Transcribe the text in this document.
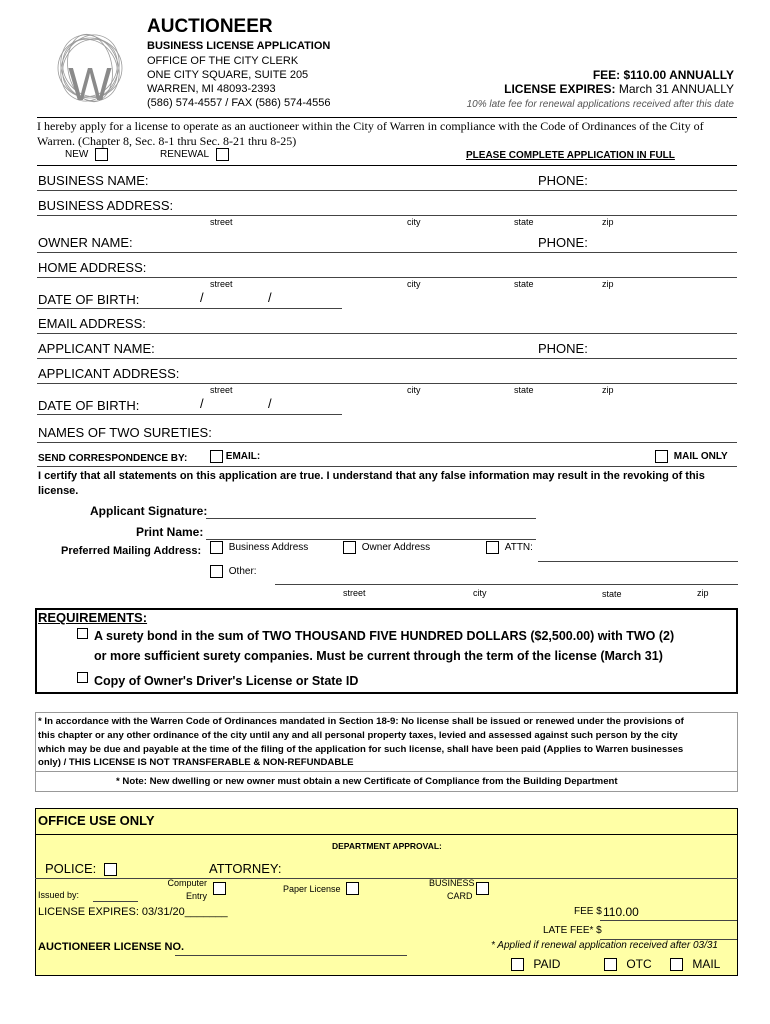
W
AUCTIONEER
BUSINESS LICENSE APPLICATION
OFFICE OF THE CITY CLERK
ONE CITY SQUARE, SUITE 205
WARREN, MI 48093-2393
(586) 574-4557 / FAX (586) 574-4556
FEE: $110.00 ANNUALLY
LICENSE EXPIRES: March 31 ANNUALLY
10% late fee for renewal applications received after this date
I hereby apply for a license to operate as an auctioneer within the City of Warren in compliance with the Code of Ordinances of the City of
Warren. (Chapter 8, Sec. 8-1 thru Sec. 8-21 thru 8-25)
NEW	RENEWAL	PLEASE COMPLETE APPLICATION IN FULL
BUSINESS NAME:	PHONE:
BUSINESS ADDRESS:
street	city	state	zip
OWNER NAME:	PHONE:
HOME ADDRESS:
street	city	state	zip
DATE OF BIRTH:	/	/
EMAIL ADDRESS:
APPLICANT NAME:	PHONE:
APPLICANT ADDRESS:
street	city	state	zip
DATE OF BIRTH:	/	/
NAMES OF TWO SURETIES:
SEND CORRESPONDENCE BY:	EMAIL:	MAIL ONLY
I certify that all statements on this application are true. I understand that any false information may result in the revoking of this
license.
Applicant Signature:
Print Name:
Preferred Mailing Address:	Business Address	Owner Address	ATTN:
Other:
street	city	state	zip
REQUIREMENTS:
A surety bond in the sum of TWO THOUSAND FIVE HUNDRED DOLLARS ($2,500.00) with TWO (2)
or more sufficient surety companies. Must be current through the term of the license (March 31)
Copy of Owner's Driver's License or State ID
* In accordance with the Warren Code of Ordinances mandated in Section 18-9: No license shall be issued or renewed under the provisions of
this chapter or any other ordinance of the city until any and all personal property taxes, levied and assessed against such person by the city
which may be due and payable at the time of the filing of the application for such license, shall have been paid (Applies to Warren businesses
only) / THIS LICENSE IS NOT TRANSFERABLE & NON-REFUNDABLE
* Note: New dwelling or new owner must obtain a new Certificate of Compliance from the Building Department
OFFICE USE ONLY
DEPARTMENT APPROVAL:
POLICE:	ATTORNEY:
Issued by:
Computer
Entry
Paper License
BUSINESS
CARD
LICENSE EXPIRES: 03/31/20_______	FEE $ 110.00
LATE FEE* $
* Applied if renewal application received after 03/31
AUCTIONEER LICENSE NO.
PAID	OTC	MAIL
